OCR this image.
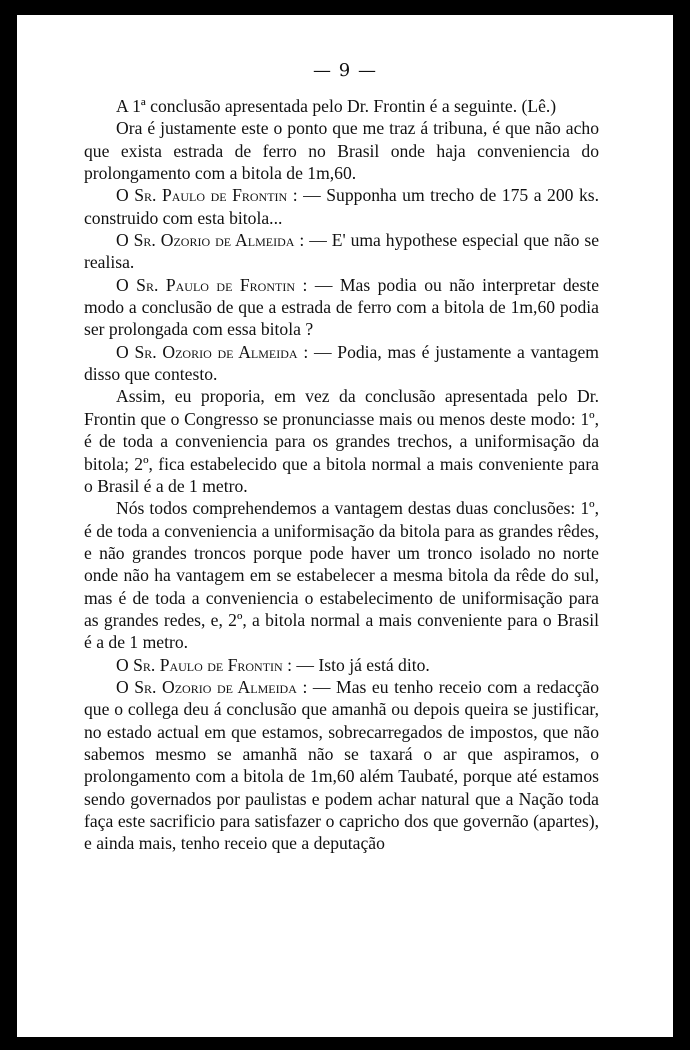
— 9 —

A 1ª conclusão apresentada pelo Dr. Frontin é a seguinte. (Lê.)

Ora é justamente este o ponto que me traz á tribuna, é que não acho que exista estrada de ferro no Brasil onde haja conveniencia do prolongamento com a bitola de 1m,60.

O Sr. Paulo de Frontin : — Supponha um trecho de 175 a 200 ks. construido com esta bitola...

O Sr. Ozorio de Almeida : — E' uma hypothese especial que não se realisa.

O Sr. Paulo de Frontin : — Mas podia ou não interpretar deste modo a conclusão de que a estrada de ferro com a bitola de 1m,60 podia ser prolongada com essa bitola ?

O Sr. Ozorio de Almeida : — Podia, mas é justamente a vantagem disso que contesto.

Assim, eu proporia, em vez da conclusão apresentada pelo Dr. Frontin que o Congresso se pronunciasse mais ou menos deste modo: 1º, é de toda a conveniencia para os grandes trechos, a uniformisação da bitola; 2º, fica estabelecido que a bitola normal a mais conveniente para o Brasil é a de 1 metro.

Nós todos comprehendemos a vantagem destas duas conclusões: 1º, é de toda a conveniencia a uniformisação da bitola para as grandes rêdes, e não grandes troncos porque pode haver um tronco isolado no norte onde não ha vantagem em se estabelecer a mesma bitola da rêde do sul, mas é de toda a conveniencia o estabelecimento de uniformisação para as grandes redes, e, 2º, a bitola normal a mais conveniente para o Brasil é a de 1 metro.

O Sr. Paulo de Frontin : — Isto já está dito.

O Sr. Ozorio de Almeida : — Mas eu tenho receio com a redacção que o collega deu á conclusão que amanhã ou depois queira se justificar, no estado actual em que estamos, sobrecarregados de impostos, que não sabemos mesmo se amanhã não se taxará o ar que aspiramos, o prolongamento com a bitola de 1m,60 além Taubaté, porque até estamos sendo governados por paulistas e podem achar natural que a Nação toda faça este sacrificio para satisfazer o capricho dos que governão (apartes), e ainda mais, tenho receio que a deputação
